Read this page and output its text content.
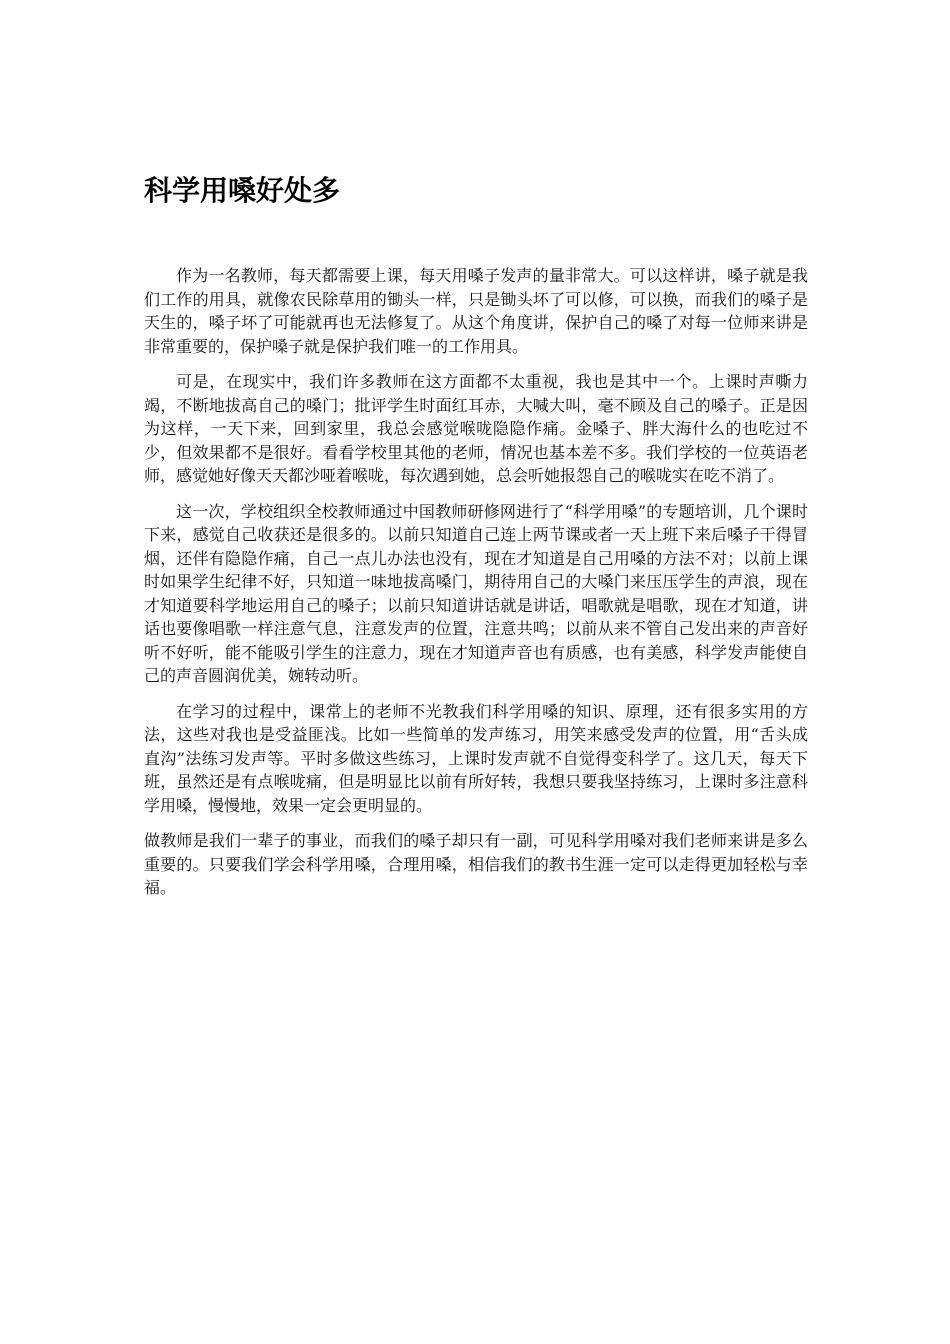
科学用嗓好处多

作为一名教师，每天都需要上课，每天用嗓子发声的量非常大。可以这样讲，嗓子就是我们工作的用具，就像农民除草用的锄头一样，只是锄头坏了可以修，可以换，而我们的嗓子是天生的，嗓子坏了可能就再也无法修复了。从这个角度讲，保护自己的嗓了对每一位师来讲是非常重要的，保护嗓子就是保护我们唯一的工作用具。

可是，在现实中，我们许多教师在这方面都不太重视，我也是其中一个。上课时声嘶力竭，不断地拔高自己的嗓门；批评学生时面红耳赤，大喊大叫，毫不顾及自己的嗓子。正是因为这样，一天下来，回到家里，我总会感觉喉咙隐隐作痛。金嗓子、胖大海什么的也吃过不少，但效果都不是很好。看看学校里其他的老师，情况也基本差不多。我们学校的一位英语老师，感觉她好像天天都沙哑着喉咙，每次遇到她，总会听她报怨自己的喉咙实在吃不消了。

这一次，学校组织全校教师通过中国教师研修网进行了“科学用嗓”的专题培训，几个课时下来，感觉自己收获还是很多的。以前只知道自己连上两节课或者一天上班下来后嗓子干得冒烟，还伴有隐隐作痛，自己一点儿办法也没有，现在才知道是自己用嗓的方法不对；以前上课时如果学生纪律不好，只知道一味地拔高嗓门，期待用自己的大嗓门来压压学生的声浪，现在才知道要科学地运用自己的嗓子；以前只知道讲话就是讲话，唱歌就是唱歌，现在才知道，讲话也要像唱歌一样注意气息，注意发声的位置，注意共鸣；以前从来不管自己发出来的声音好听不好听，能不能吸引学生的注意力，现在才知道声音也有质感，也有美感，科学发声能使自己的声音圆润优美，婉转动听。

在学习的过程中，课常上的老师不光教我们科学用嗓的知识、原理，还有很多实用的方法，这些对我也是受益匪浅。比如一些简单的发声练习，用笑来感受发声的位置，用“舌头成直沟”法练习发声等。平时多做这些练习，上课时发声就不自觉得变科学了。这几天，每天下班，虽然还是有点喉咙痛，但是明显比以前有所好转，我想只要我坚持练习，上课时多注意科学用嗓，慢慢地，效果一定会更明显的。

做教师是我们一辈子的事业，而我们的嗓子却只有一副，可见科学用嗓对我们老师来讲是多么重要的。只要我们学会科学用嗓，合理用嗓，相信我们的教书生涯一定可以走得更加轻松与幸福。
